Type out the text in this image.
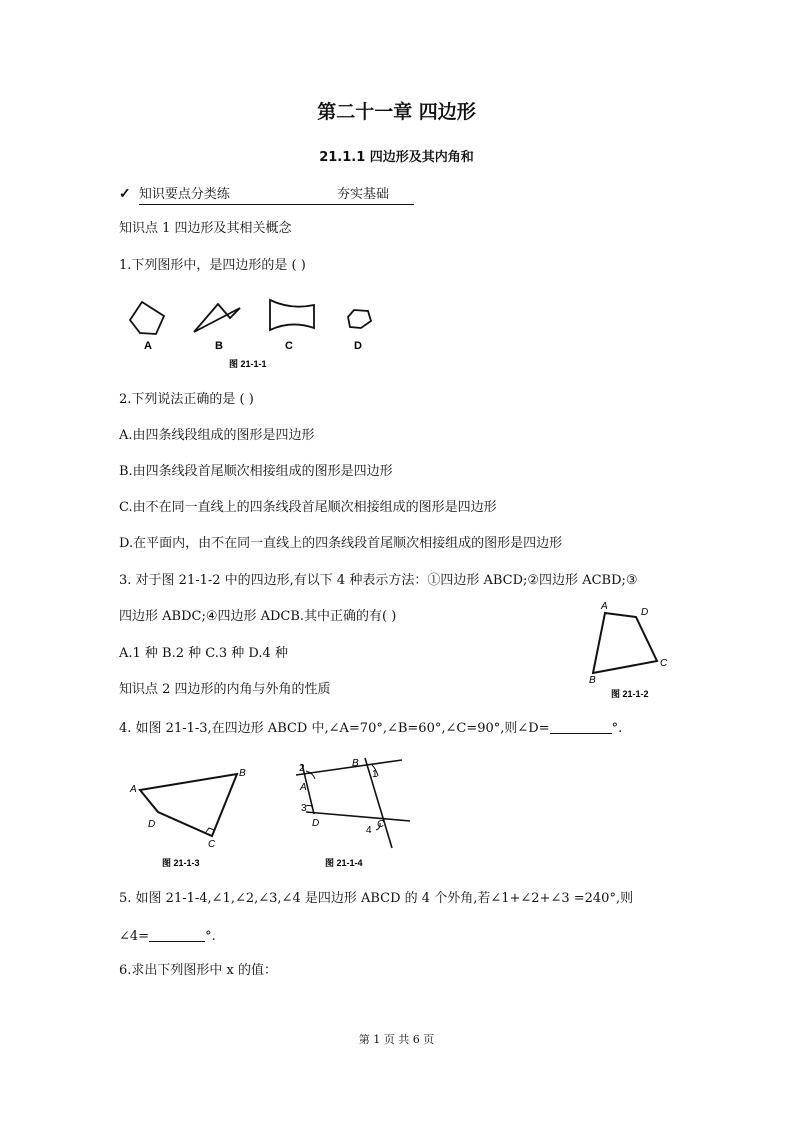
第二十一章 四边形
21.1.1 四边形及其内角和
✓ 知识要点分类练	夯实基础
知识点 1 四边形及其相关概念
1.下列图形中，是四边形的是 ( )
A	B	C	D
图 21-1-1
2.下列说法正确的是 ( )
A.由四条线段组成的图形是四边形
B.由四条线段首尾顺次相接组成的图形是四边形
C.由不在同一直线上的四条线段首尾顺次相接组成的图形是四边形
D.在平面内，由不在同一直线上的四条线段首尾顺次相接组成的图形是四边形
3. 对于图 21-1-2 中的四边形,有以下 4 种表示方法：①四边形 ABCD;②四边形 ACBD;③
四边形 ABDC;④四边形 ADCB.其中正确的有( )
A.1 种 B.2 种 C.3 种 D.4 种
A
D
C
B
图 21-1-2
知识点 2 四边形的内角与外角的性质
4. 如图 21-1-3,在四边形 ABCD 中,∠A=70°,∠B=60°,∠C=90°,则∠D=	°.
A
B
C
D
图 21-1-3
A
B
C
D
1
2
3
4
图 21-1-4
5. 如图 21-1-4,∠1,∠2,∠3,∠4 是四边形 ABCD 的 4 个外角,若∠1+∠2+∠3 =240°,则
∠4=	°.
6.求出下列图形中 x 的值：
第 1 页 共 6 页
